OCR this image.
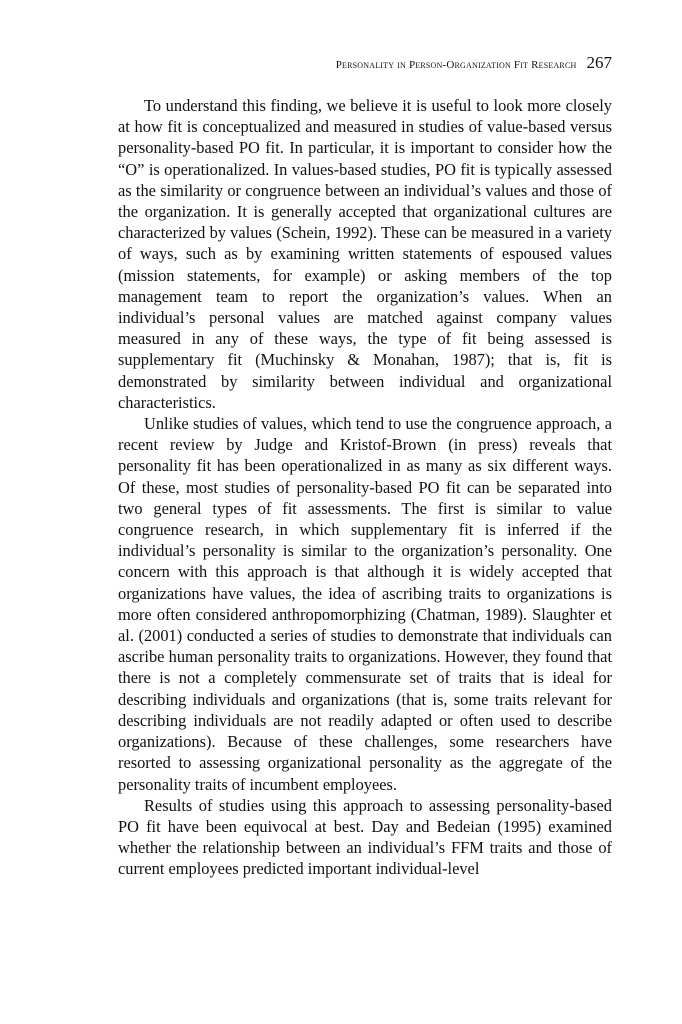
Personality in Person-Organization Fit Research 267

To understand this finding, we believe it is useful to look more closely at how fit is conceptualized and measured in studies of value-based versus personality-based PO fit. In particular, it is important to consider how the “O” is operationalized. In values-based studies, PO fit is typically assessed as the similarity or congruence between an individual’s values and those of the organization. It is generally accepted that organizational cultures are characterized by values (Schein, 1992). These can be measured in a variety of ways, such as by examining written statements of espoused values (mission statements, for example) or asking members of the top management team to report the organization’s values. When an individual’s personal values are matched against company values measured in any of these ways, the type of fit being assessed is supplementary fit (Muchinsky & Monahan, 1987); that is, fit is demonstrated by similarity between individual and organizational characteristics.

Unlike studies of values, which tend to use the congruence approach, a recent review by Judge and Kristof-Brown (in press) reveals that personality fit has been operationalized in as many as six different ways. Of these, most studies of personality-based PO fit can be separated into two general types of fit assessments. The first is similar to value congruence research, in which supplementary fit is inferred if the individual’s personality is similar to the organization’s personality. One concern with this approach is that although it is widely accepted that organizations have values, the idea of ascribing traits to organizations is more often considered anthropomorphizing (Chatman, 1989). Slaughter et al. (2001) conducted a series of studies to demonstrate that individuals can ascribe human personality traits to organizations. However, they found that there is not a completely commensurate set of traits that is ideal for describing individuals and organizations (that is, some traits relevant for describing individuals are not readily adapted or often used to describe organizations). Because of these challenges, some researchers have resorted to assessing organizational personality as the aggregate of the personality traits of incumbent employees.

Results of studies using this approach to assessing personality-based PO fit have been equivocal at best. Day and Bedeian (1995) examined whether the relationship between an individual’s FFM traits and those of current employees predicted important individual-level
